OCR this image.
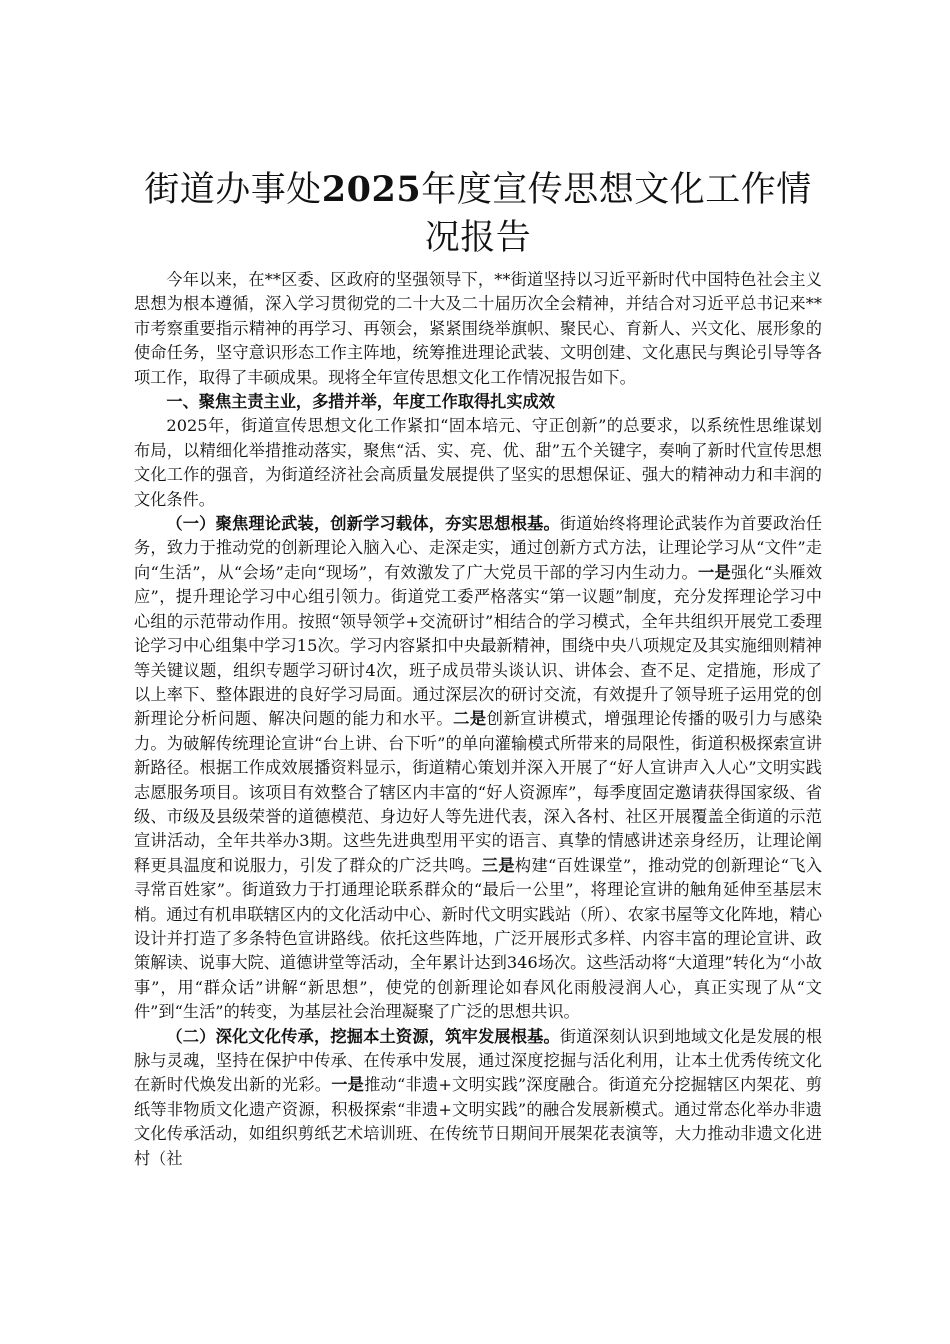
街道办事处2025年度宣传思想文化工作情况报告

今年以来，在**区委、区政府的坚强领导下，**街道坚持以习近平新时代中国特色社会主义思想为根本遵循，深入学习贯彻党的二十大及二十届历次全会精神，并结合对习近平总书记来**市考察重要指示精神的再学习、再领会，紧紧围绕举旗帜、聚民心、育新人、兴文化、展形象的使命任务，坚守意识形态工作主阵地，统筹推进理论武装、文明创建、文化惠民与舆论引导等各项工作，取得了丰硕成果。现将全年宣传思想文化工作情况报告如下。

一、聚焦主责主业，多措并举，年度工作取得扎实成效

2025年，街道宣传思想文化工作紧扣“固本培元、守正创新”的总要求，以系统性思维谋划布局，以精细化举措推动落实，聚焦“活、实、亮、优、甜”五个关键字，奏响了新时代宣传思想文化工作的强音，为街道经济社会高质量发展提供了坚实的思想保证、强大的精神动力和丰润的文化条件。

（一）聚焦理论武装，创新学习载体，夯实思想根基。街道始终将理论武装作为首要政治任务，致力于推动党的创新理论入脑入心、走深走实，通过创新方式方法，让理论学习从“文件”走向“生活”，从“会场”走向“现场”，有效激发了广大党员干部的学习内生动力。一是强化“头雁效应”，提升理论学习中心组引领力。街道党工委严格落实“第一议题”制度，充分发挥理论学习中心组的示范带动作用。按照“领导领学+交流研讨”相结合的学习模式，全年共组织开展党工委理论学习中心组集中学习15次。学习内容紧扣中央最新精神，围绕中央八项规定及其实施细则精神等关键议题，组织专题学习研讨4次，班子成员带头谈认识、讲体会、查不足、定措施，形成了以上率下、整体跟进的良好学习局面。通过深层次的研讨交流，有效提升了领导班子运用党的创新理论分析问题、解决问题的能力和水平。二是创新宣讲模式，增强理论传播的吸引力与感染力。为破解传统理论宣讲“台上讲、台下听”的单向灌输模式所带来的局限性，街道积极探索宣讲新路径。根据工作成效展播资料显示，街道精心策划并深入开展了“好人宣讲声入人心”文明实践志愿服务项目。该项目有效整合了辖区内丰富的“好人资源库”，每季度固定邀请获得国家级、省级、市级及县级荣誉的道德模范、身边好人等先进代表，深入各村、社区开展覆盖全街道的示范宣讲活动，全年共举办3期。这些先进典型用平实的语言、真挚的情感讲述亲身经历，让理论阐释更具温度和说服力，引发了群众的广泛共鸣。三是构建“百姓课堂”，推动党的创新理论“飞入寻常百姓家”。街道致力于打通理论联系群众的“最后一公里”，将理论宣讲的触角延伸至基层末梢。通过有机串联辖区内的文化活动中心、新时代文明实践站（所）、农家书屋等文化阵地，精心设计并打造了多条特色宣讲路线。依托这些阵地，广泛开展形式多样、内容丰富的理论宣讲、政策解读、说事大院、道德讲堂等活动，全年累计达到346场次。这些活动将“大道理”转化为“小故事”，用“群众话”讲解“新思想”，使党的创新理论如春风化雨般浸润人心，真正实现了从“文件”到“生活”的转变，为基层社会治理凝聚了广泛的思想共识。

（二）深化文化传承，挖掘本土资源，筑牢发展根基。街道深刻认识到地域文化是发展的根脉与灵魂，坚持在保护中传承、在传承中发展，通过深度挖掘与活化利用，让本土优秀传统文化在新时代焕发出新的光彩。一是推动“非遗+文明实践”深度融合。街道充分挖掘辖区内架花、剪纸等非物质文化遗产资源，积极探索“非遗+文明实践”的融合发展新模式。通过常态化举办非遗文化传承活动，如组织剪纸艺术培训班、在传统节日期间开展架花表演等，大力推动非遗文化进村（社
